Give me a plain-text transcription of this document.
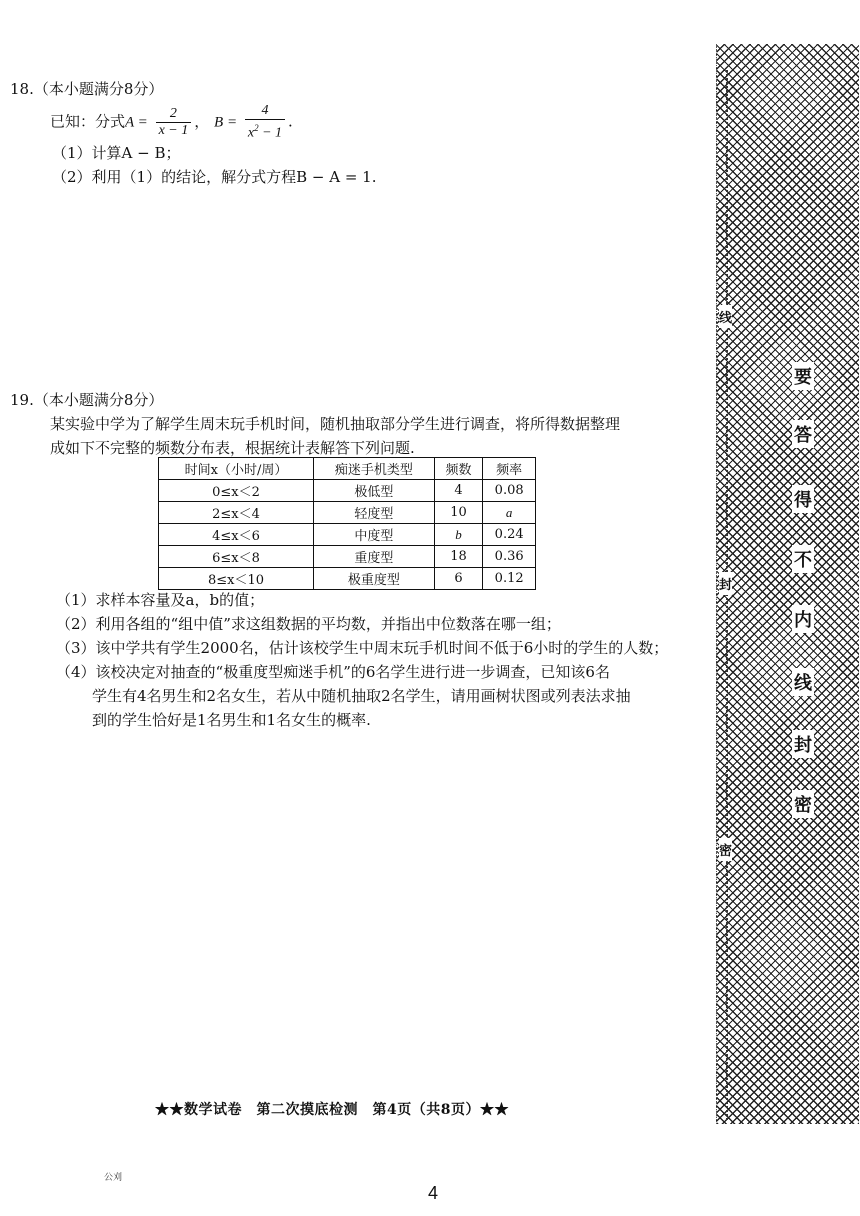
18.（本小题满分8分）
已知：分式$A = \frac{2}{x - 1}$ ， $B = \frac{4}{x^2 - 1}$ .
（1）计算A − B；
（2）利用（1）的结论，解分式方程B − A = 1.
19.（本小题满分8分）
某实验中学为了解学生周末玩手机时间，随机抽取部分学生进行调查，将所得数据整理
成如下不完整的频数分布表，根据统计表解答下列问题.
时间x（小时/周）	痴迷手机类型	频数	频率
0≤x＜2	极低型	4	0.08
2≤x＜4	轻度型	10	a
4≤x＜6	中度型	b	0.24
6≤x＜8	重度型	18	0.36
8≤x＜10	极重度型	6	0.12
（1）求样本容量及a，b的值；
（2）利用各组的“组中值”求这组数据的平均数，并指出中位数落在哪一组；
（3）该中学共有学生2000名，估计该校学生中周末玩手机时间不低于6小时的学生的人数；
（4）该校决定对抽查的“极重度型痴迷手机”的6名学生进行进一步调查，已知该6名
学生有4名男生和2名女生，若从中随机抽取2名学生，请用画树状图或列表法求抽
到的学生恰好是1名男生和1名女生的概率.
★★数学试卷　第二次摸底检测　第4页（共8页）★★
公刈
4
线
封
密
要
答
得
不
内
线
封
密
